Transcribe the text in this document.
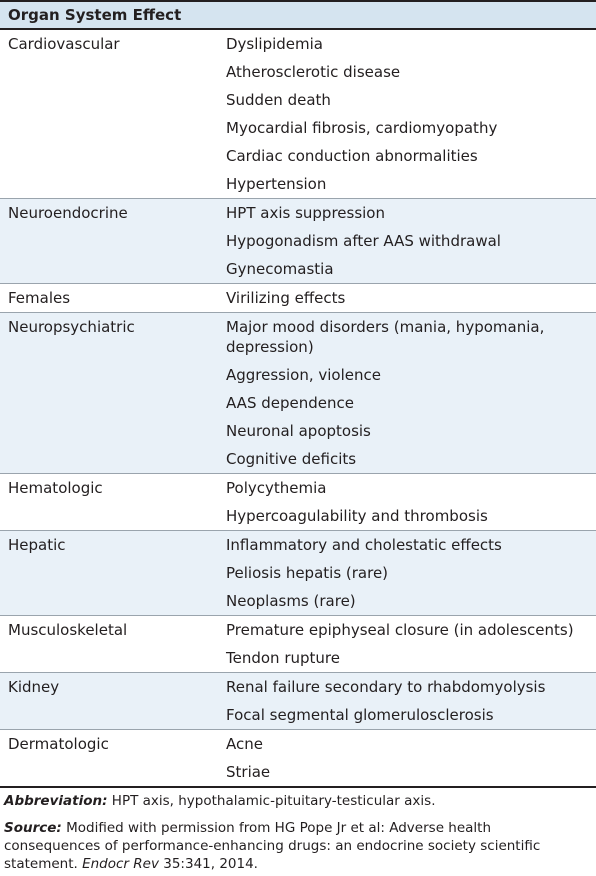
Organ System Effect
Cardiovascular	Dyslipidemia
Atherosclerotic disease
Sudden death
Myocardial fibrosis, cardiomyopathy
Cardiac conduction abnormalities
Hypertension
Neuroendocrine	HPT axis suppression
Hypogonadism after AAS withdrawal
Gynecomastia
Females	Virilizing effects
Neuropsychiatric	Major mood disorders (mania, hypomania, depression)
Aggression, violence
AAS dependence
Neuronal apoptosis
Cognitive deficits
Hematologic	Polycythemia
Hypercoagulability and thrombosis
Hepatic	Inflammatory and cholestatic effects
Peliosis hepatis (rare)
Neoplasms (rare)
Musculoskeletal	Premature epiphyseal closure (in adolescents)
Tendon rupture
Kidney	Renal failure secondary to rhabdomyolysis
Focal segmental glomerulosclerosis
Dermatologic	Acne
Striae

Abbreviation: HPT axis, hypothalamic-pituitary-testicular axis.

Source: Modified with permission from HG Pope Jr et al: Adverse health consequences of performance-enhancing drugs: an endocrine society scientific statement. Endocr Rev 35:341, 2014.
